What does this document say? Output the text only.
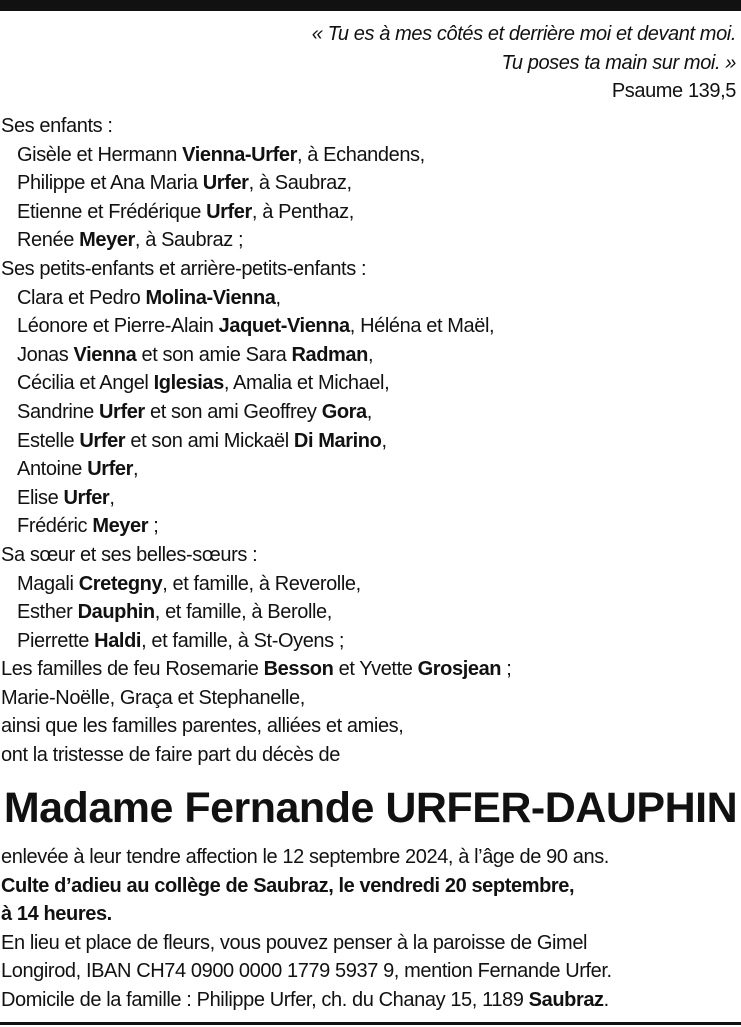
« Tu es à mes côtés et derrière moi et devant moi.
Tu poses ta main sur moi. »
Psaume 139,5
Ses enfants :
Gisèle et Hermann Vienna-Urfer, à Echandens,
Philippe et Ana Maria Urfer, à Saubraz,
Etienne et Frédérique Urfer, à Penthaz,
Renée Meyer, à Saubraz ;
Ses petits-enfants et arrière-petits-enfants :
Clara et Pedro Molina-Vienna,
Léonore et Pierre-Alain Jaquet-Vienna, Héléna et Maël,
Jonas Vienna et son amie Sara Radman,
Cécilia et Angel Iglesias, Amalia et Michael,
Sandrine Urfer et son ami Geoffrey Gora,
Estelle Urfer et son ami Mickaël Di Marino,
Antoine Urfer,
Elise Urfer,
Frédéric Meyer ;
Sa sœur et ses belles-sœurs :
Magali Cretegny, et famille, à Reverolle,
Esther Dauphin, et famille, à Berolle,
Pierrette Haldi, et famille, à St-Oyens ;
Les familles de feu Rosemarie Besson et Yvette Grosjean ;
Marie-Noëlle, Graça et Stephanelle,
ainsi que les familles parentes, alliées et amies,
ont la tristesse de faire part du décès de
Madame Fernande URFER-DAUPHIN
enlevée à leur tendre affection le 12 septembre 2024, à l’âge de 90 ans.
Culte d’adieu au collège de Saubraz, le vendredi 20 septembre,
à 14 heures.
En lieu et place de fleurs, vous pouvez penser à la paroisse de Gimel
Longirod, IBAN CH74 0900 0000 1779 5937 9, mention Fernande Urfer.
Domicile de la famille : Philippe Urfer, ch. du Chanay 15, 1189 Saubraz.
